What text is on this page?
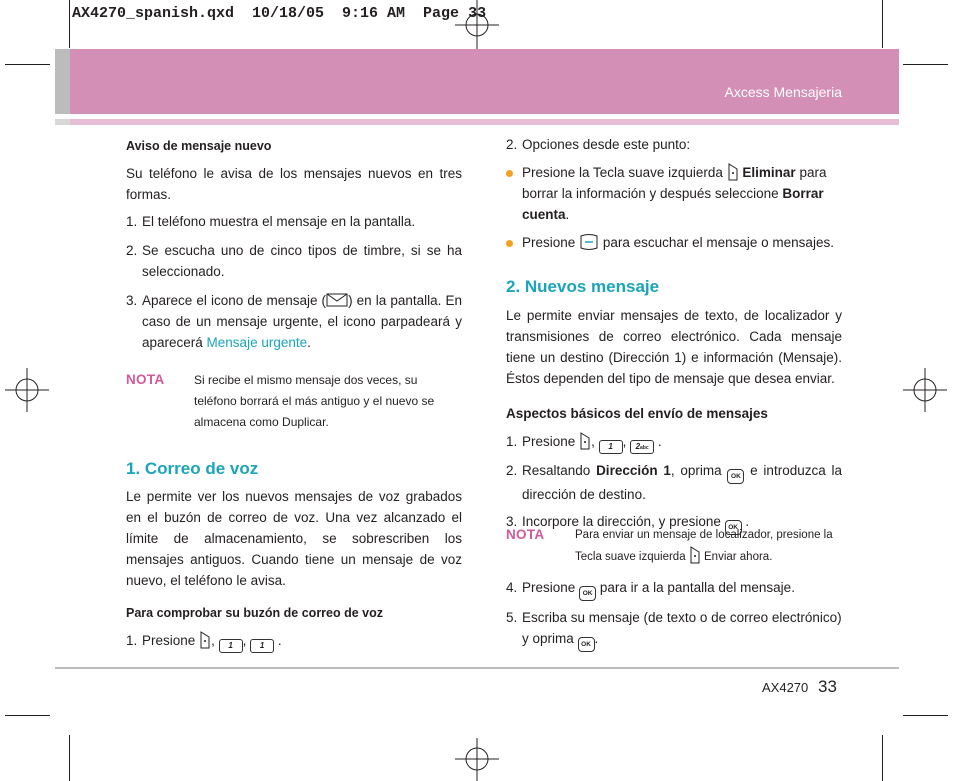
AX4270_spanish.qxd  10/18/05  9:16 AM  Page 33
Axcess Mensajeria

Aviso de mensaje nuevo

Su teléfono le avisa de los mensajes nuevos en tres formas.

1. El teléfono muestra el mensaje en la pantalla.
2. Se escucha uno de cinco tipos de timbre, si se ha seleccionado.
3. Aparece el icono de mensaje ( ) en la pantalla. En caso de un mensaje urgente, el icono parpadeará y aparecerá Mensaje urgente.
NOTA Si recibe el mismo mensaje dos veces, su teléfono borrará el más antiguo y el nuevo se almacena como Duplicar.

1. Correo de voz

Le permite ver los nuevos mensajes de voz grabados en el buzón de correo de voz. Una vez alcanzado el límite de almacenamiento, se sobrescriben los mensajes antiguos. Cuando tiene un mensaje de voz nuevo, el teléfono le avisa.

Para comprobar su buzón de correo de voz

1. Presione , 1 , 1 .
2. Opciones desde este punto:
Presione la Tecla suave izquierda Eliminar para borrar la información y después seleccione Borrar cuenta.
Presione para escuchar el mensaje o mensajes.

2. Nuevos mensaje

Le permite enviar mensajes de texto, de localizador y transmisiones de correo electrónico. Cada mensaje tiene un destino (Dirección 1) e información (Mensaje). Éstos dependen del tipo de mensaje que desea enviar.

Aspectos básicos del envío de mensajes

1. Presione , 1 , 2abc .
2. Resaltando Dirección 1, oprima OK e introduzca la dirección de destino.
3. Incorpore la dirección, y presione OK .
NOTA	Para enviar un mensaje de localizador, presione la Tecla suave izquierda Enviar ahora.
4. Presione OK para ir a la pantalla del mensaje.
5. Escriba su mensaje (de texto o de correo electrónico) y oprima OK .
AX4270 33
